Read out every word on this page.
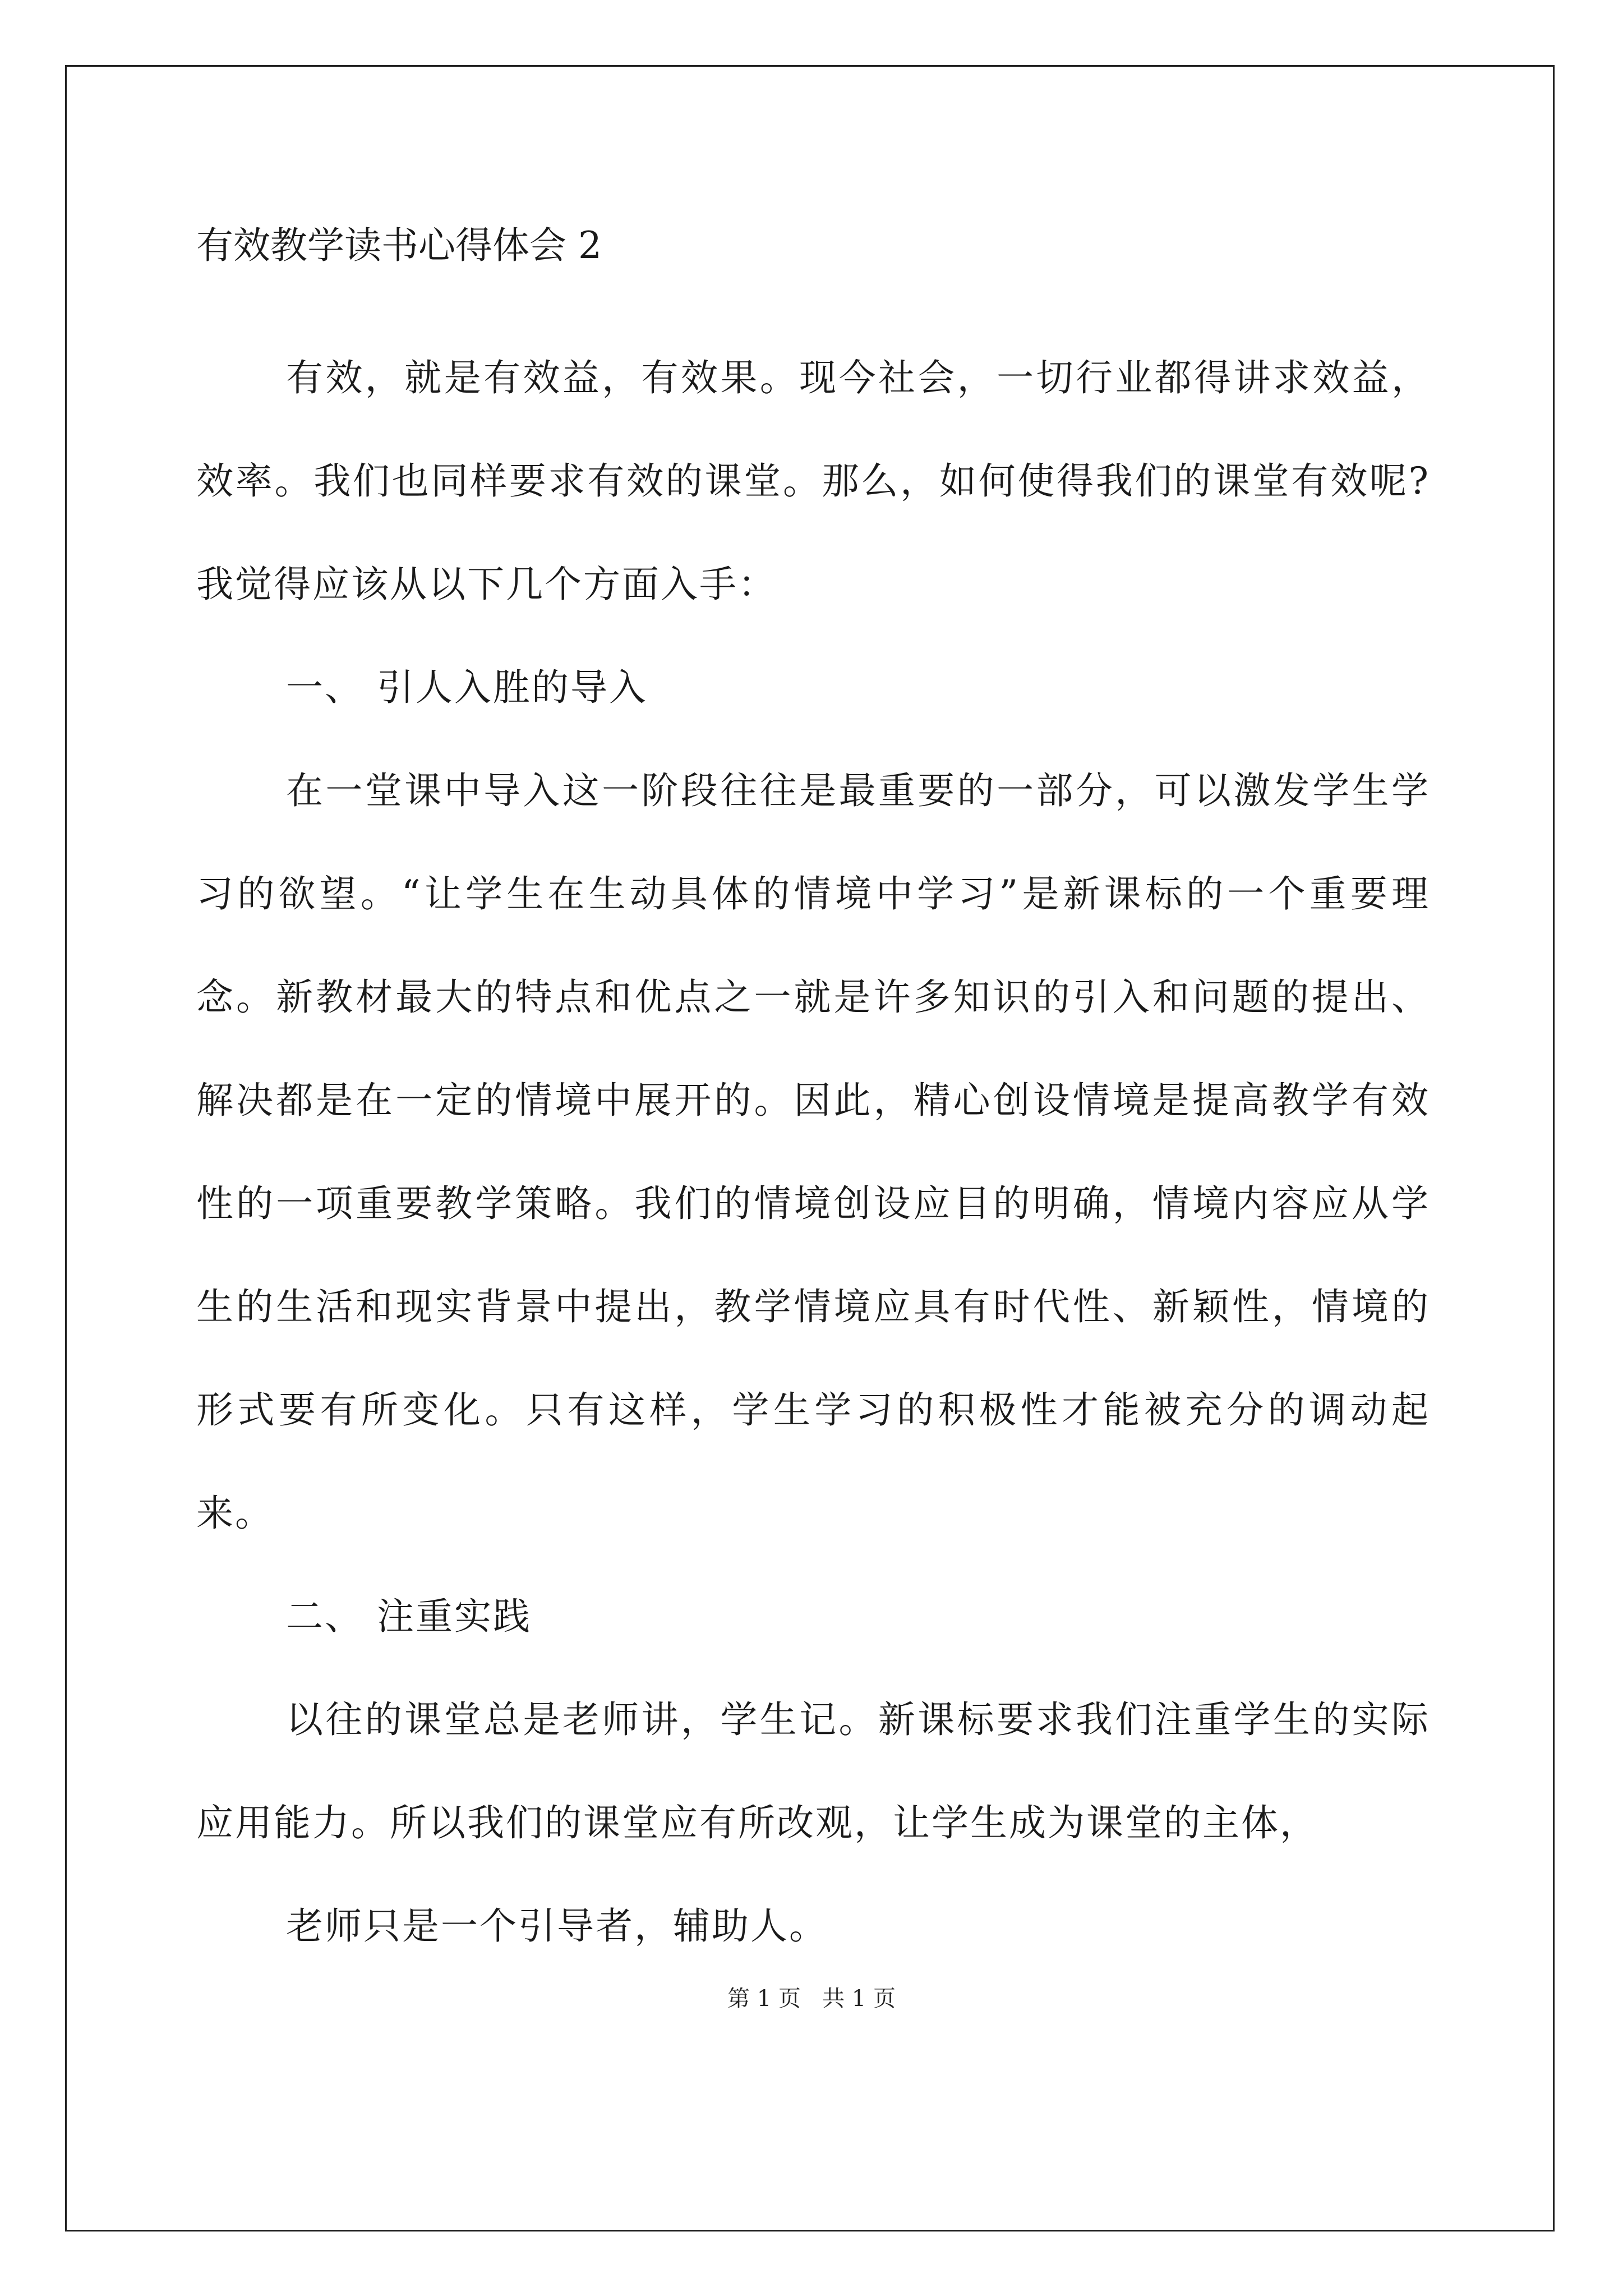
有效教学读书心得体会 2

有效，就是有效益，有效果。现今社会，一切行业都得讲求效益，效率。我们也同样要求有效的课堂。那么，如何使得我们的课堂有效呢?我觉得应该从以下几个方面入手：

一、 引人入胜的导入

在一堂课中导入这一阶段往往是最重要的一部分，可以激发学生学习的欲望。“让学生在生动具体的情境中学习”是新课标的一个重要理念。新教材最大的特点和优点之一就是许多知识的引入和问题的提出、解决都是在一定的情境中展开的。因此，精心创设情境是提高教学有效性的一项重要教学策略。我们的情境创设应目的明确，情境内容应从学生的生活和现实背景中提出，教学情境应具有时代性、新颖性，情境的形式要有所变化。只有这样，学生学习的积极性才能被充分的调动起来。

二、 注重实践

以往的课堂总是老师讲，学生记。新课标要求我们注重学生的实际应用能力。所以我们的课堂应有所改观，让学生成为课堂的主体，

老师只是一个引导者，辅助人。

第 1 页   共 1 页
